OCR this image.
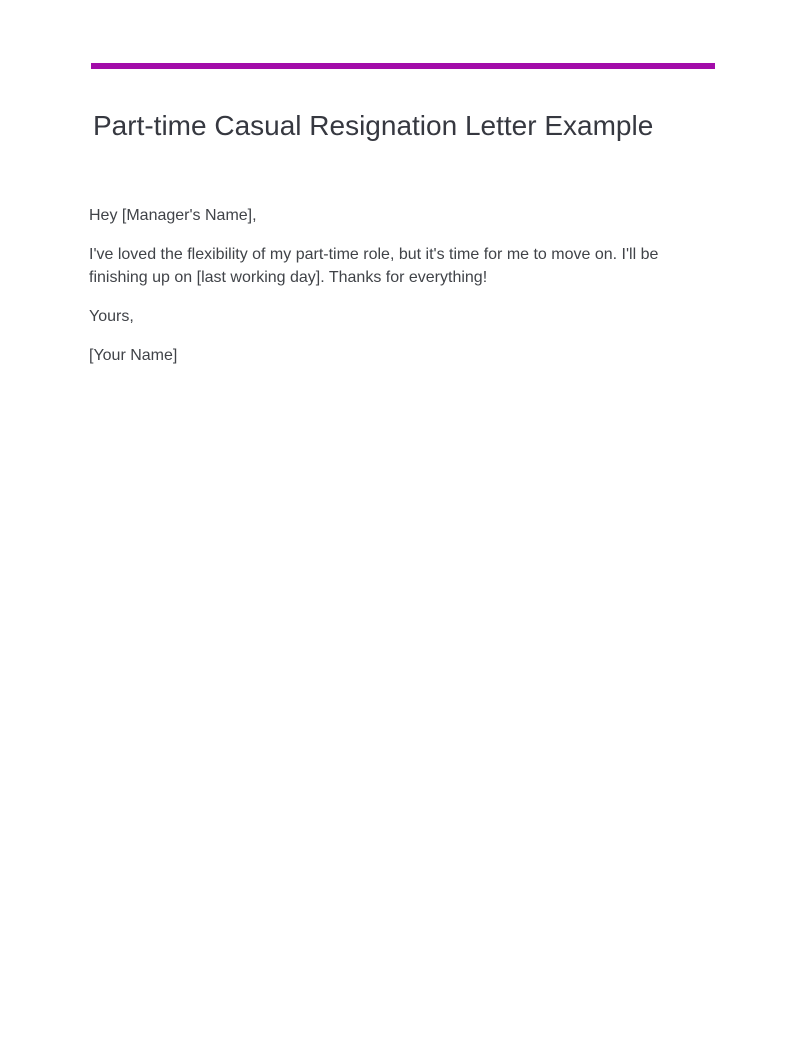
Part-time Casual Resignation Letter Example

Hey [Manager's Name],

I've loved the flexibility of my part-time role, but it's time for me to move on. I'll be finishing up on [last working day]. Thanks for everything!

Yours,

[Your Name]
